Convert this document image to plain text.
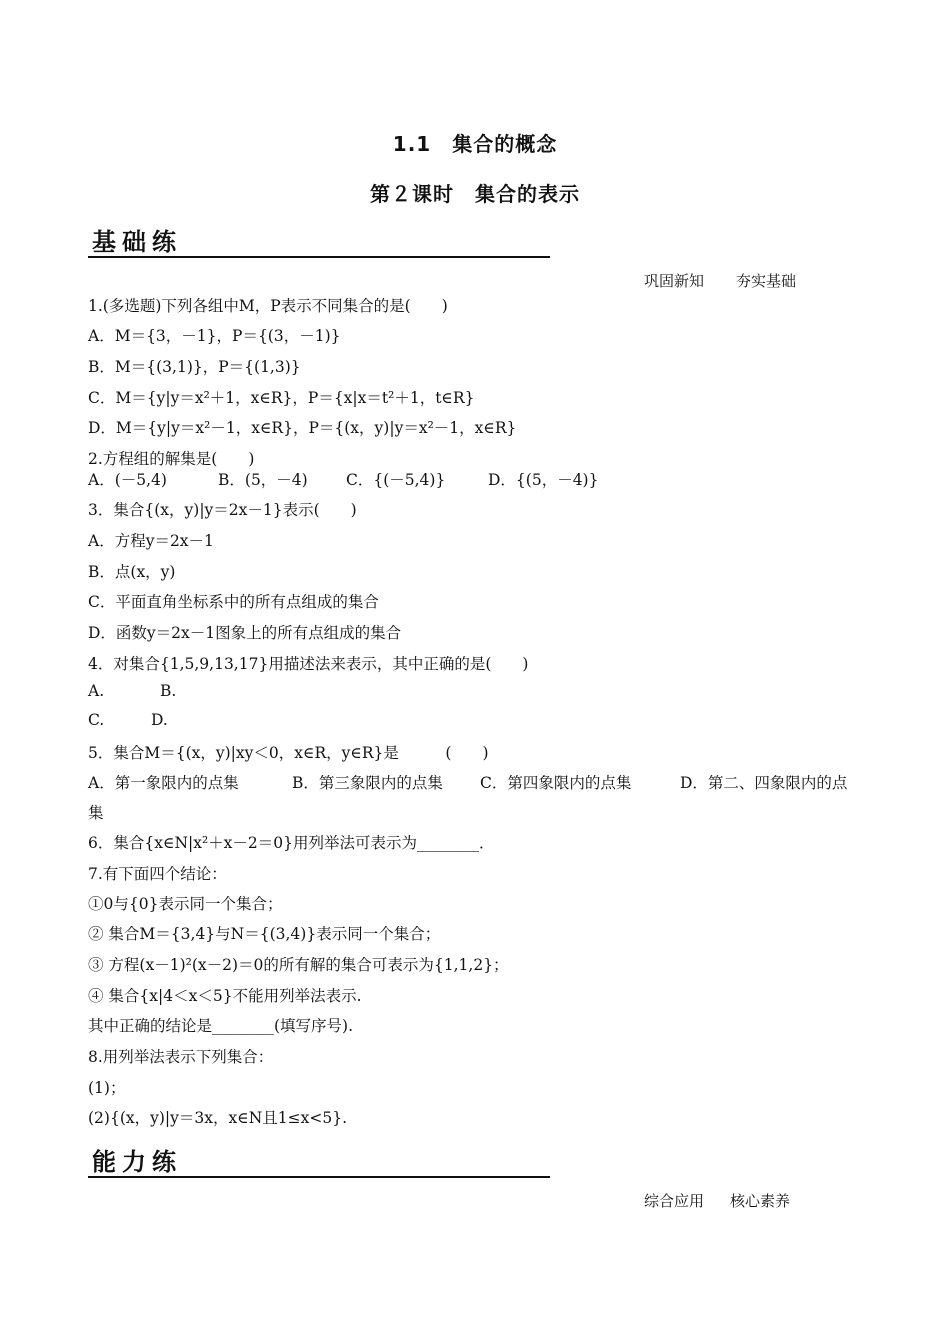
1.1　集合的概念
第２课时　集合的表示
基础练
巩固新知 夯实基础
1.(多选题)下列各组中M，P表示不同集合的是(　　)
A．M＝{3，－1}，P＝{(3，－1)}
B．M＝{(3,1)}，P＝{(1,3)}
C．M＝{y|y＝x²＋1，x∈R}，P＝{x|x＝t²＋1，t∈R}
D．M＝{y|y＝x²－1，x∈R}，P＝{(x，y)|y＝x²－1，x∈R}
2.方程组的解集是(　　)
A．(－5,4)	B．(5，－4) C．{(－5,4)}	D．{(5，－4)}
3．集合{(x，y)|y＝2x－1}表示(　　)
A．方程y＝2x－1
B．点(x，y)
C．平面直角坐标系中的所有点组成的集合
D．函数y＝2x－1图象上的所有点组成的集合
4．对集合{1,5,9,13,17}用描述法来表示，其中正确的是(　　)
A.	B.
C.	D.
5．集合M＝{(x，y)|xy＜0，x∈R，y∈R}是　　　(　　)
A．第一象限内的点集	B．第三象限内的点集 C．第四象限内的点集	D．第二、四象限内的点
集
6．集合{x∈N|x²＋x－2＝0}用列举法可表示为________．
7.有下面四个结论：
①0与{0}表示同一个集合；
② 集合M＝{3,4}与N＝{(3,4)}表示同一个集合；
③ 方程(x－1)²(x－2)＝0的所有解的集合可表示为{1,1,2}；
④ 集合{x|4＜x＜5}不能用列举法表示.
其中正确的结论是________(填写序号).
8.用列举法表示下列集合：
(1)；
(2){(x，y)|y＝3x，x∈N且1≤x<5}.
能力练
综合应用 核心素养
